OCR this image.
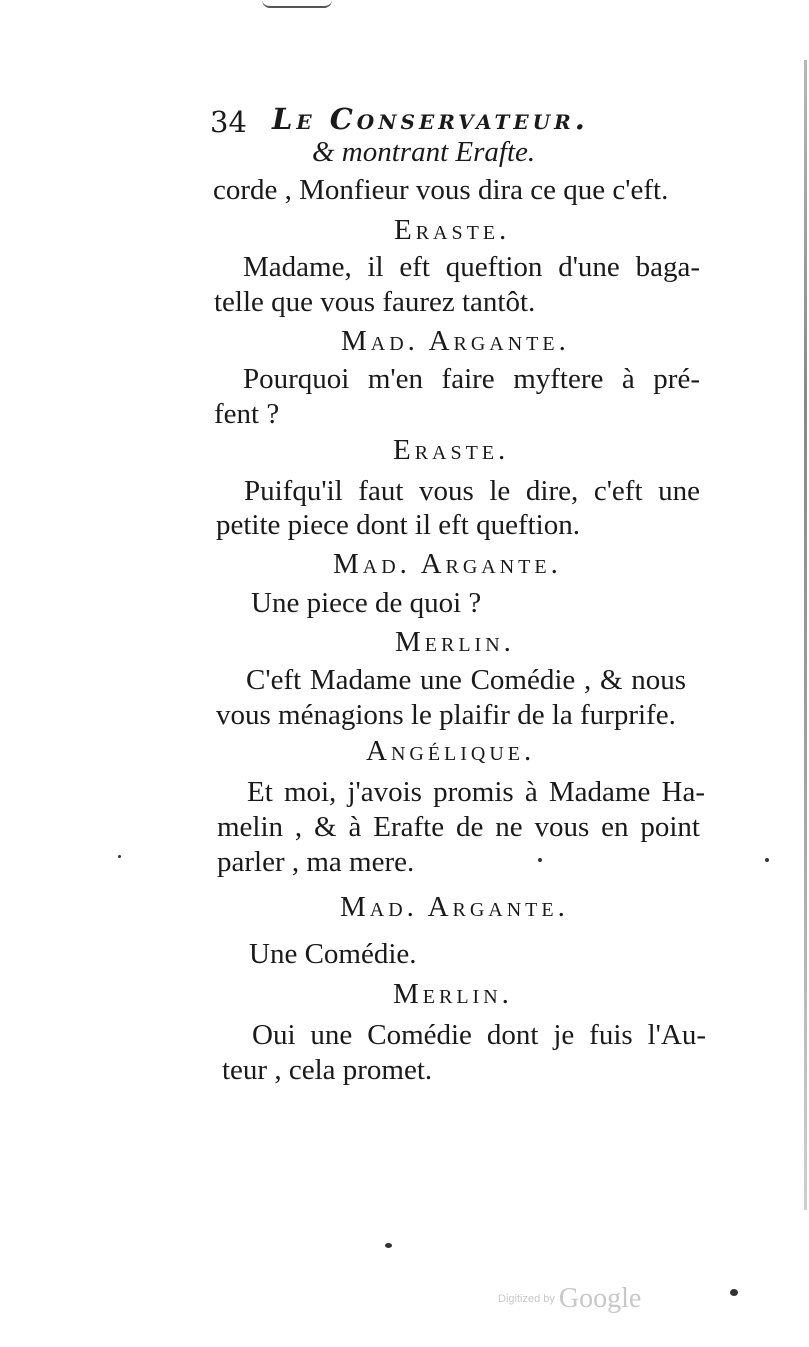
34 Le Conservateur.
& montrant Erafte.
corde , Monfieur vous dira ce que c'eft.
Eraste.
Madame, il eft queftion d'une baga-
telle que vous faurez tantôt.
Mad. Argante.
Pourquoi m'en faire myftere à pré-
fent ?
Eraste.
Puifqu'il faut vous le dire, c'eft une
petite piece dont il eft queftion.
Mad. Argante.
Une piece de quoi ?
Merlin.
C'eft Madame une Comédie , & nous
vous ménagions le plaifir de la furprife.
Angélique.
Et moi, j'avois promis à Madame Ha-
melin , & à Erafte de ne vous en point
parler , ma mere.
Mad. Argante.
Une Comédie.
Merlin.
Oui une Comédie dont je fuis l'Au-
teur , cela promet.
Digitized by Google
